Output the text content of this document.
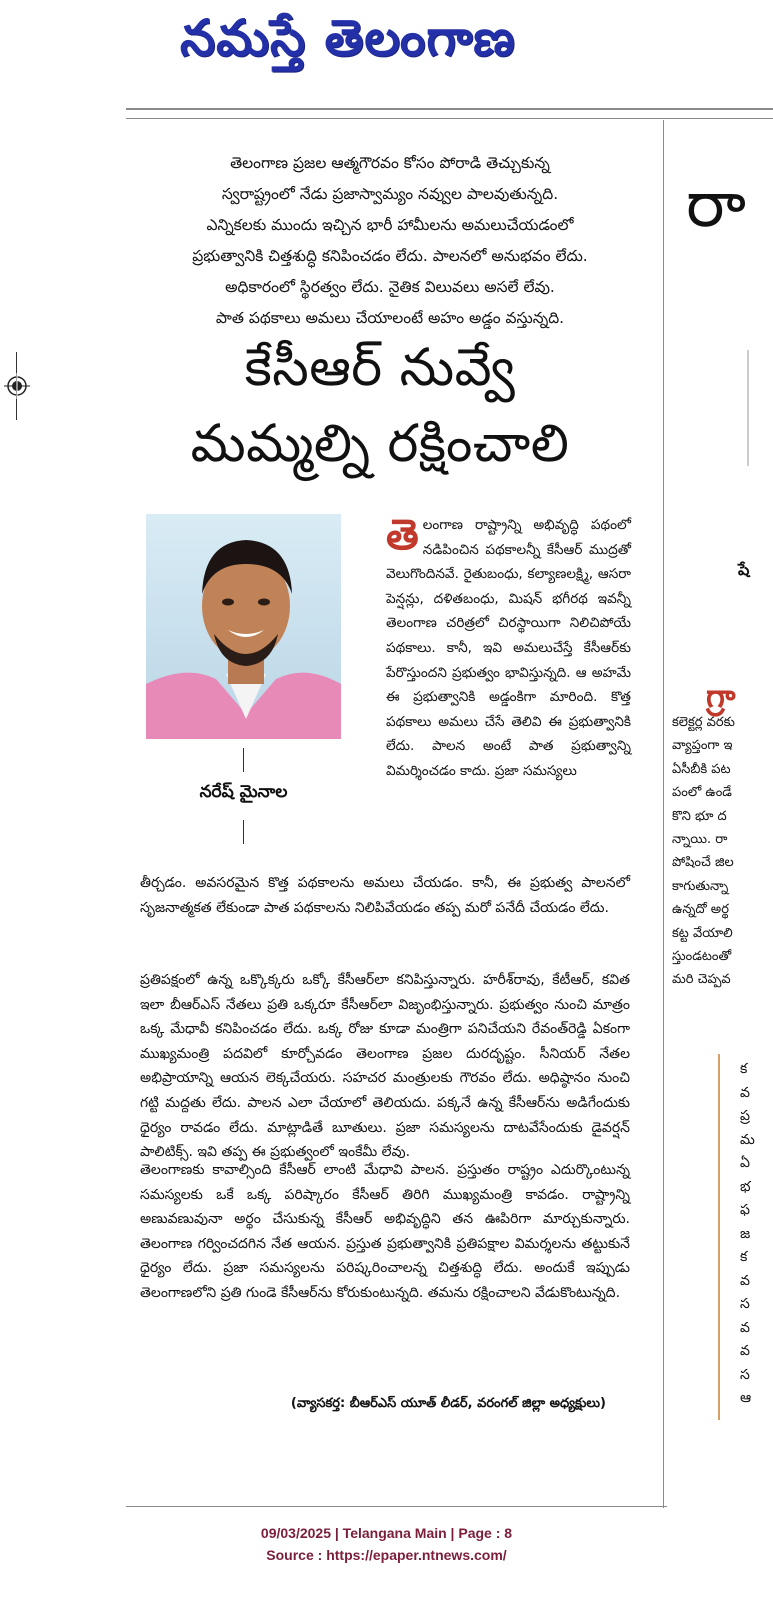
నమస్తే తెలంగాణ
తెలంగాణ ప్రజల ఆత్మగౌరవం కోసం పోరాడి తెచ్చుకున్న
స్వరాష్ట్రంలో నేడు ప్రజాస్వామ్యం నవ్వుల పాలవుతున్నది.
ఎన్నికలకు ముందు ఇచ్చిన భారీ హామీలను అమలుచేయడంలో
ప్రభుత్వానికి చిత్తశుద్ధి కనిపించడం లేదు. పాలనలో అనుభవం లేదు.
అధికారంలో స్థిరత్వం లేదు. నైతిక విలువలు అసలే లేవు.
పాత పథకాలు అమలు చేయాలంటే అహం అడ్డం వస్తున్నది.
కేసీఆర్ నువ్వే
మమ్మల్ని రక్షించాలి
నరేష్ మైనాల
తె లంగాణ రాష్ట్రాన్ని అభివృద్ధి పథంలో నడిపించిన పథకాలన్నీ కేసీఆర్ ముద్రతో వెలుగొందినవే. రైతుబంధు, కల్యాణలక్ష్మి, ఆసరా పెన్షన్లు, దళితబంధు, మిషన్ భగీరథ ఇవన్నీ తెలంగాణ చరిత్రలో చిరస్థాయిగా నిలిచిపోయే పథకాలు. కానీ, ఇవి అమలుచేస్తే కేసీఆర్‌కు పేరొస్తుందని ప్రభుత్వం భావిస్తున్నది. ఆ అహమే ఈ ప్రభుత్వానికి అడ్డంకిగా మారింది. కొత్త పథకాలు అమలు చేసే తెలివి ఈ ప్రభుత్వానికి లేదు. పాలన అంటే పాత ప్రభుత్వాన్ని విమర్శించడం కాదు. ప్రజా సమస్యలు

తీర్చడం. అవసరమైన కొత్త పథకాలను అమలు చేయడం. కానీ, ఈ ప్రభుత్వ పాలనలో సృజనాత్మకత లేకుండా పాత పథకాలను నిలిపివేయడం తప్ప మరో పనేదీ చేయడం లేదు.

ప్రతిపక్షంలో ఉన్న ఒక్కొక్కరు ఒక్కో కేసీఆర్‌లా కనిపిస్తున్నారు. హరీశ్‌రావు, కేటీఆర్, కవిత ఇలా బీఆర్‌ఎస్ నేతలు ప్రతి ఒక్కరూ కేసీఆర్‌లా విజృంభిస్తున్నారు. ప్రభుత్వం నుంచి మాత్రం ఒక్క మేధావీ కనిపించడం లేదు. ఒక్క రోజు కూడా మంత్రిగా పనిచేయని రేవంత్‌రెడ్డి ఏకంగా ముఖ్యమంత్రి పదవిలో కూర్చోవడం తెలంగాణ ప్రజల దురదృష్టం. సీనియర్ నేతల అభిప్రాయాన్ని ఆయన లెక్కచేయరు. సహచర మంత్రులకు గౌరవం లేదు. అధిష్ఠానం నుంచి గట్టి మద్దతు లేదు. పాలన ఎలా చేయాలో తెలియదు. పక్కనే ఉన్న కేసీఆర్‌ను అడిగేందుకు ధైర్యం రావడం లేదు. మాట్లాడితే బూతులు. ప్రజా సమస్యలను దాటవేసేందుకు డైవర్షన్ పాలిటిక్స్. ఇవి తప్ప ఈ ప్రభుత్వంలో ఇంకేమీ లేవు.

తెలంగాణకు కావాల్సింది కేసీఆర్ లాంటి మేధావి పాలన. ప్రస్తుతం రాష్ట్రం ఎదుర్కొంటున్న సమస్యలకు ఒకే ఒక్క పరిష్కారం కేసీఆర్ తిరిగి ముఖ్యమంత్రి కావడం. రాష్ట్రాన్ని అణువణువునా అర్థం చేసుకున్న కేసీఆర్ అభివృద్ధిని తన ఊపిరిగా మార్చుకున్నారు. తెలంగాణ గర్వించదగిన నేత ఆయన. ప్రస్తుత ప్రభుత్వానికి ప్రతిపక్షాల విమర్శలను తట్టుకునే ధైర్యం లేదు. ప్రజా సమస్యలను పరిష్కరించాలన్న చిత్తశుద్ధి లేదు. అందుకే ఇప్పుడు తెలంగాణలోని ప్రతి గుండె కేసీఆర్‌ను కోరుకుంటున్నది. తమను రక్షించాలని వేడుకొంటున్నది.

(వ్యాసకర్త: బీఆర్‌ఎస్ యూత్ లీడర్, వరంగల్ జిల్లా అధ్యక్షులు)
రా
షే
గ్రా
కలెక్టర్ల వరకు
వ్యాప్తంగా ఇ
ఏసీబీకి పట
పంలో ఉండే
కొని భూ ద
న్నాయి. రా
పోషించే జిల
కాగుతున్నా
ఉన్నదో అర్థ
కట్ట వేయాలి
స్తుండటంతో
మరి చెప్పవ
క
వ
ప్ర
మ
ఏ
భ
ఫ
జ
క
వ
స
వ
వ
స
ఆ
09/03/2025 | Telangana Main | Page : 8
Source : https://epaper.ntnews.com/
